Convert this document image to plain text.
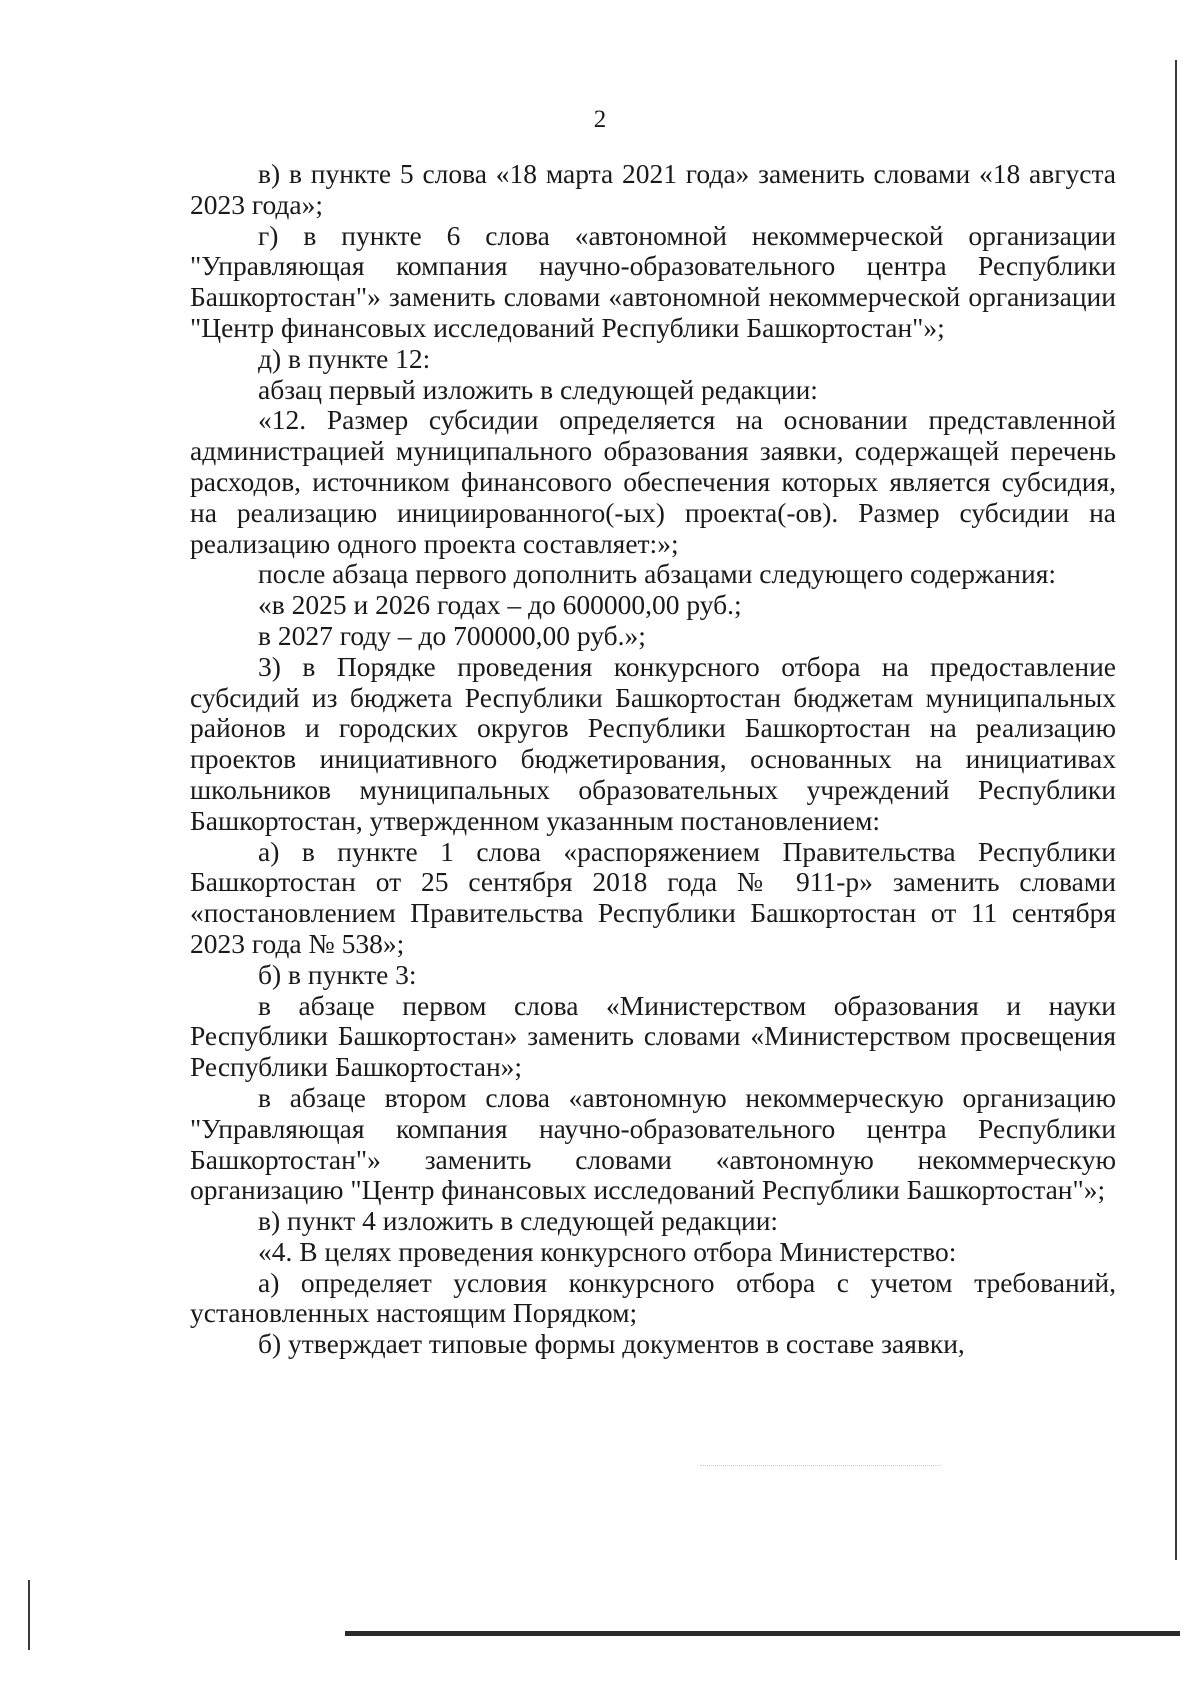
2

в) в пункте 5 слова «18 марта 2021 года» заменить словами «18 августа 2023 года»;

г) в пункте 6 слова «автономной некоммерческой организации "Управляющая компания научно-образовательного центра Республики Башкортостан"» заменить словами «автономной некоммерческой организации "Центр финансовых исследований Республики Башкортостан"»;

д) в пункте 12:

абзац первый изложить в следующей редакции:

«12. Размер субсидии определяется на основании представленной администрацией муниципального образования заявки, содержащей перечень расходов, источником финансового обеспечения которых является субсидия, на реализацию инициированного(-ых) проекта(-ов). Размер субсидии на реализацию одного проекта составляет:»;

после абзаца первого дополнить абзацами следующего содержания:

«в 2025 и 2026 годах – до 600000,00 руб.;

в 2027 году – до 700000,00 руб.»;

3) в Порядке проведения конкурсного отбора на предоставление субсидий из бюджета Республики Башкортостан бюджетам муниципальных районов и городских округов Республики Башкортостан на реализацию проектов инициативного бюджетирования, основанных на инициативах школьников муниципальных образовательных учреждений Республики Башкортостан, утвержденном указанным постановлением:

а) в пункте 1 слова «распоряжением Правительства Республики Башкортостан от 25 сентября 2018 года № 911-р» заменить словами «постановлением Правительства Республики Башкортостан от 11 сентября 2023 года № 538»;

б) в пункте 3:

в абзаце первом слова «Министерством образования и науки Республики Башкортостан» заменить словами «Министерством просвещения Республики Башкортостан»;

в абзаце втором слова «автономную некоммерческую организацию "Управляющая компания научно-образовательного центра Республики Башкортостан"» заменить словами «автономную некоммерческую организацию "Центр финансовых исследований Республики Башкортостан"»;

в) пункт 4 изложить в следующей редакции:

«4. В целях проведения конкурсного отбора Министерство:

а) определяет условия конкурсного отбора с учетом требований, установленных настоящим Порядком;

б) утверждает типовые формы документов в составе заявки,
